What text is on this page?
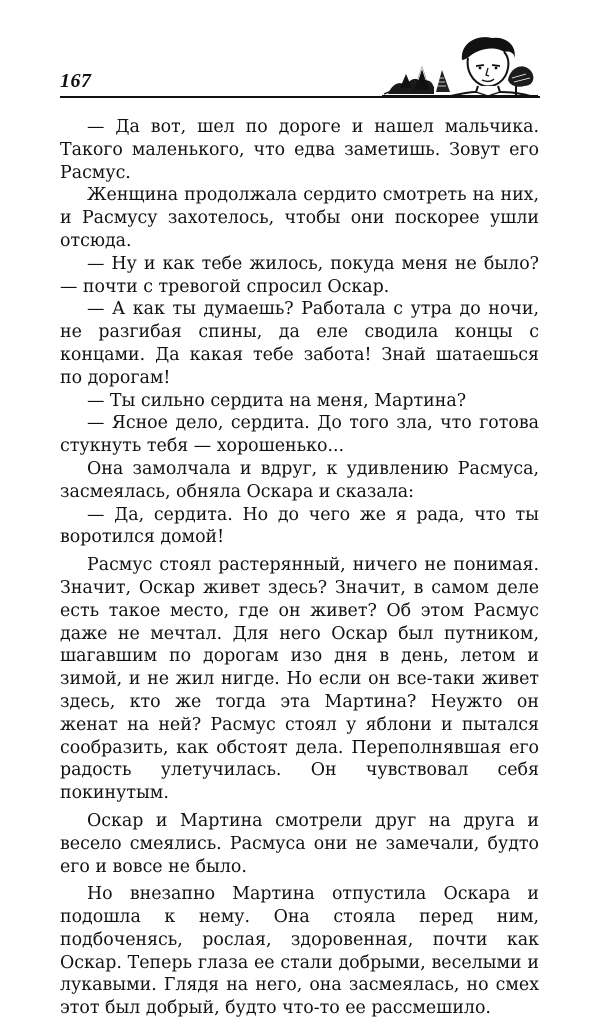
167

— Да вот, шел по дороге и нашел мальчика. Такого маленького, что едва заметишь. Зовут его Расмус.

Женщина продолжала сердито смотреть на них, и Расмусу захотелось, чтобы они поскорее ушли отсюда.

— Ну и как тебе жилось, покуда меня не было? — почти с тревогой спросил Оскар.

— А как ты думаешь? Работала с утра до ночи, не разгибая спины, да еле сводила концы с концами. Да какая тебе забота! Знай шатаешься по дорогам!

— Ты сильно сердита на меня, Мартина?

— Ясное дело, сердита. До того зла, что готова стукнуть тебя — хорошенько...

Она замолчала и вдруг, к удивлению Расмуса, засмеялась, обняла Оскара и сказала:

— Да, сердита. Но до чего же я рада, что ты воротился домой!

Расмус стоял растерянный, ничего не понимая. Значит, Оскар живет здесь? Значит, в самом деле есть такое место, где он живет? Об этом Расмус даже не мечтал. Для него Оскар был путником, шагавшим по дорогам изо дня в день, летом и зимой, и не жил нигде. Но если он все-таки живет здесь, кто же тогда эта Мартина? Неужто он женат на ней? Расмус стоял у яблони и пытался сообразить, как обстоят дела. Переполнявшая его радость улетучилась. Он чувствовал себя покинутым.

Оскар и Мартина смотрели друг на друга и весело смеялись. Расмуса они не замечали, будто его и вовсе не было.

Но внезапно Мартина отпустила Оскара и подошла к нему. Она стояла перед ним, подбоченясь, рослая, здоровенная, почти как Оскар. Теперь глаза ее стали добрыми, веселыми и лукавыми. Глядя на него, она засмеялась, но смех этот был добрый, будто что-то ее рассмешило.
